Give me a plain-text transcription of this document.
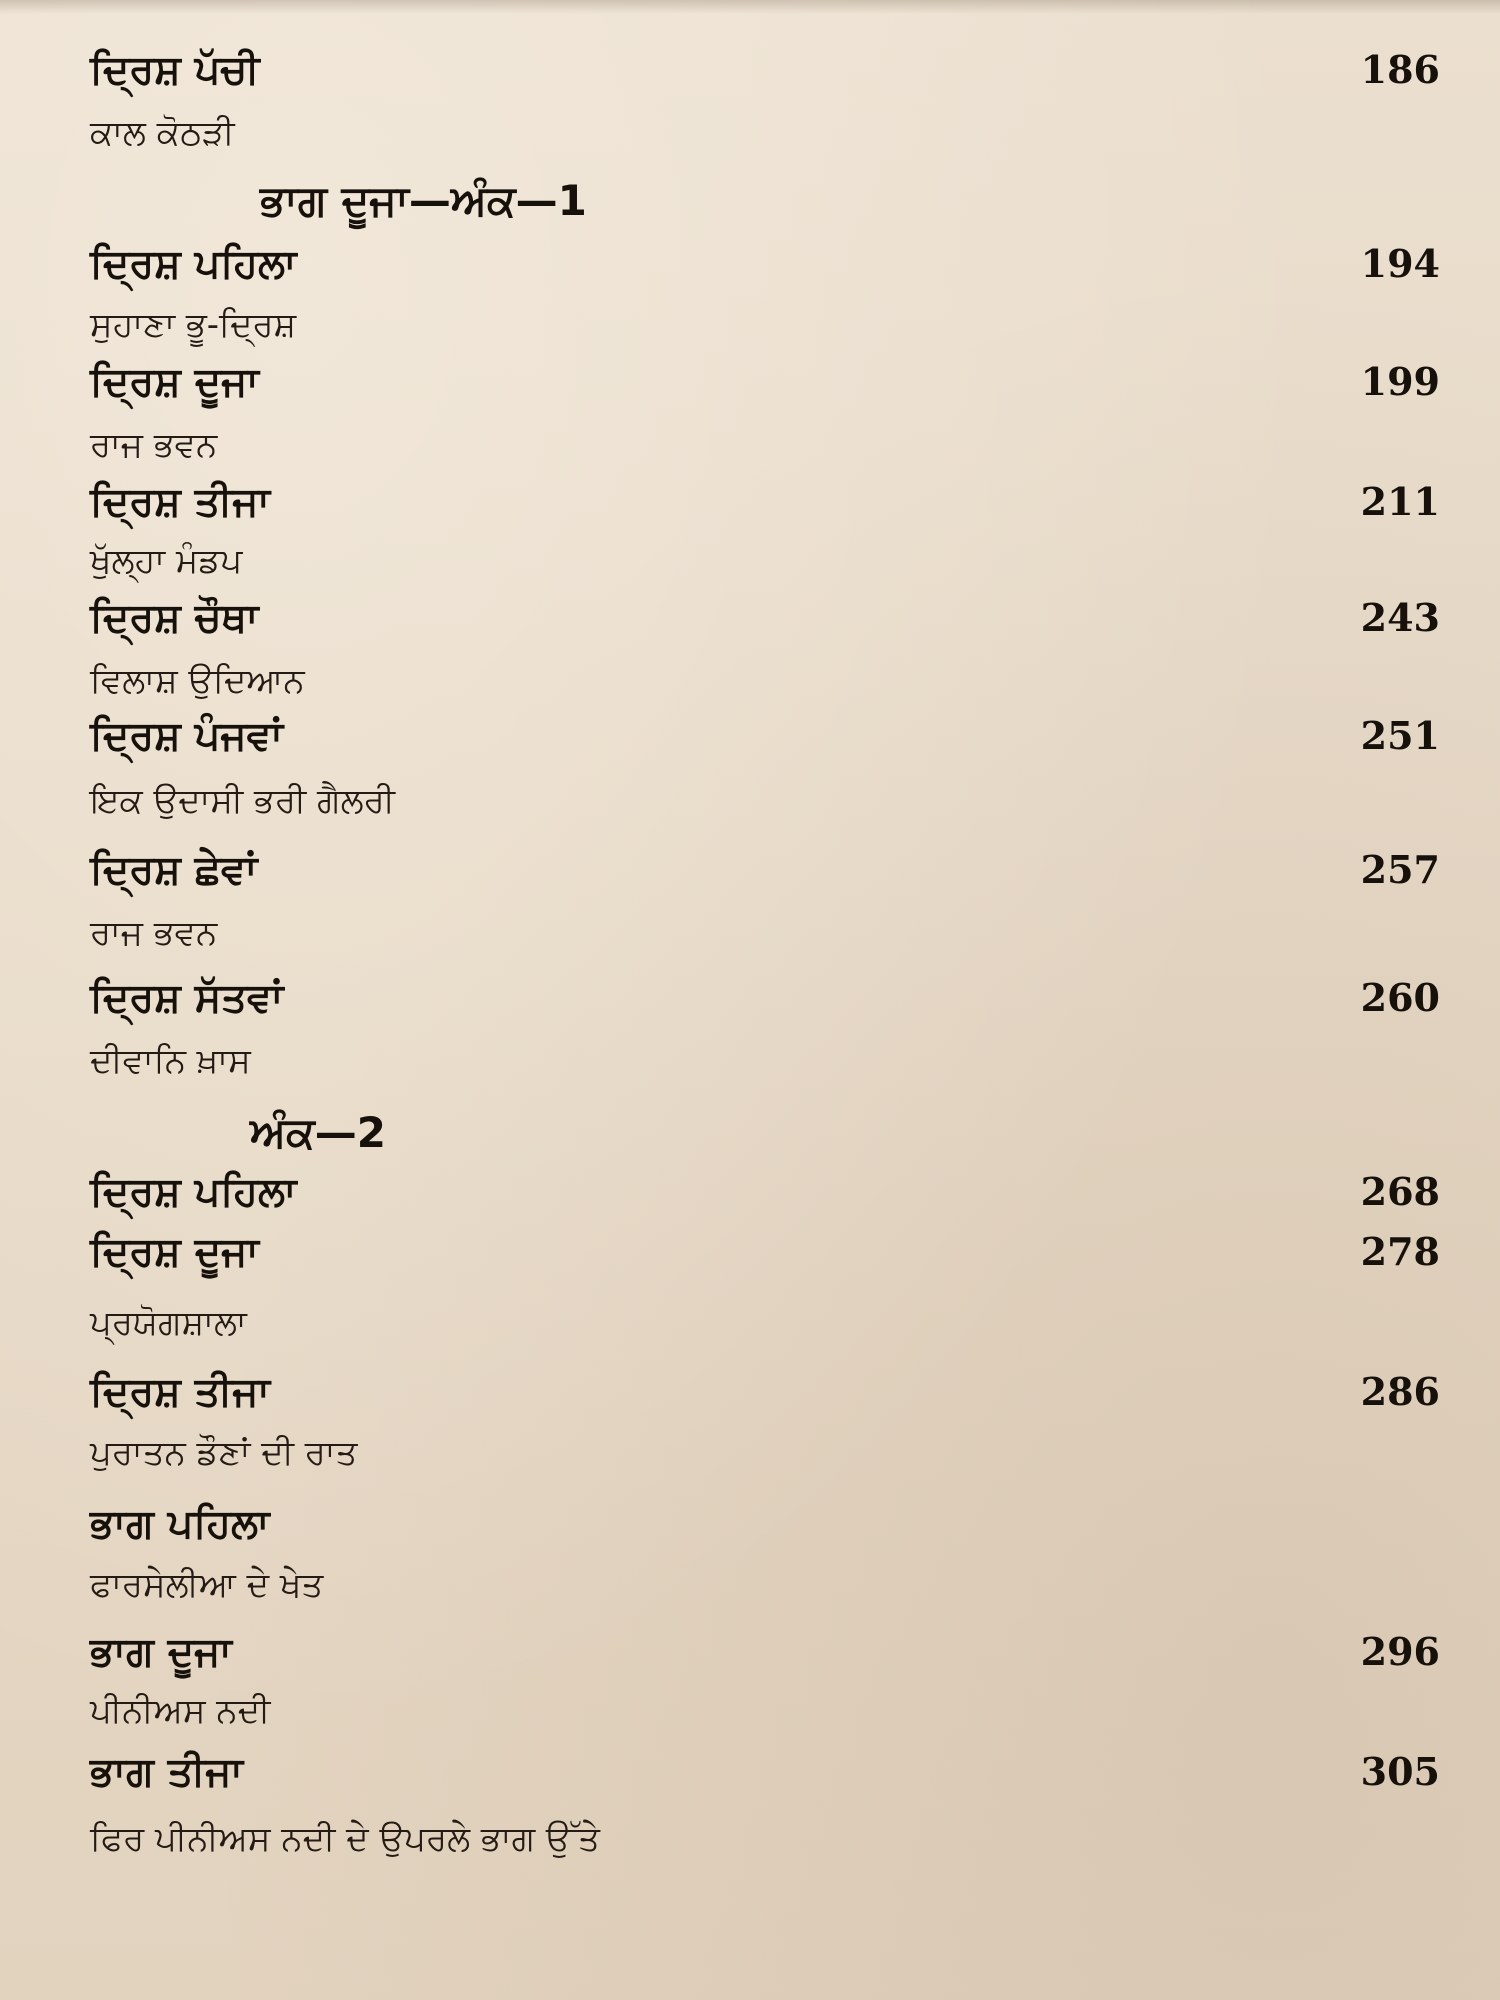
ਦ੍ਰਿਸ਼ ਪੱਚੀ	186
ਕਾਲ ਕੋਠੜੀ
ਭਾਗ ਦੂਜਾ—ਅੰਕ—1
ਦ੍ਰਿਸ਼ ਪਹਿਲਾ	194
ਸੁਹਾਣਾ ਭੂ-ਦ੍ਰਿਸ਼
ਦ੍ਰਿਸ਼ ਦੂਜਾ	199
ਰਾਜ ਭਵਨ
ਦ੍ਰਿਸ਼ ਤੀਜਾ	211
ਖੁੱਲ੍ਹਾ ਮੰਡਪ
ਦ੍ਰਿਸ਼ ਚੌਥਾ	243
ਵਿਲਾਸ਼ ਉਦਿਆਨ
ਦ੍ਰਿਸ਼ ਪੰਜਵਾਂ	251
ਇਕ ਉਦਾਸੀ ਭਰੀ ਗੈਲਰੀ
ਦ੍ਰਿਸ਼ ਛੇਵਾਂ	257
ਰਾਜ ਭਵਨ
ਦ੍ਰਿਸ਼ ਸੱਤਵਾਂ	260
ਦੀਵਾਨਿ ਖ਼ਾਸ
ਅੰਕ—2
ਦ੍ਰਿਸ਼ ਪਹਿਲਾ	268
ਦ੍ਰਿਸ਼ ਦੂਜਾ	278
ਪ੍ਰਯੋਗਸ਼ਾਲਾ
ਦ੍ਰਿਸ਼ ਤੀਜਾ	286
ਪੁਰਾਤਨ ਡੌਣਾਂ ਦੀ ਰਾਤ
ਭਾਗ ਪਹਿਲਾ
ਫਾਰਸੇਲੀਆ ਦੇ ਖੇਤ
ਭਾਗ ਦੂਜਾ	296
ਪੀਨੀਅਸ ਨਦੀ
ਭਾਗ ਤੀਜਾ	305
ਫਿਰ ਪੀਨੀਅਸ ਨਦੀ ਦੇ ਉਪਰਲੇ ਭਾਗ ਉੱਤੇ
